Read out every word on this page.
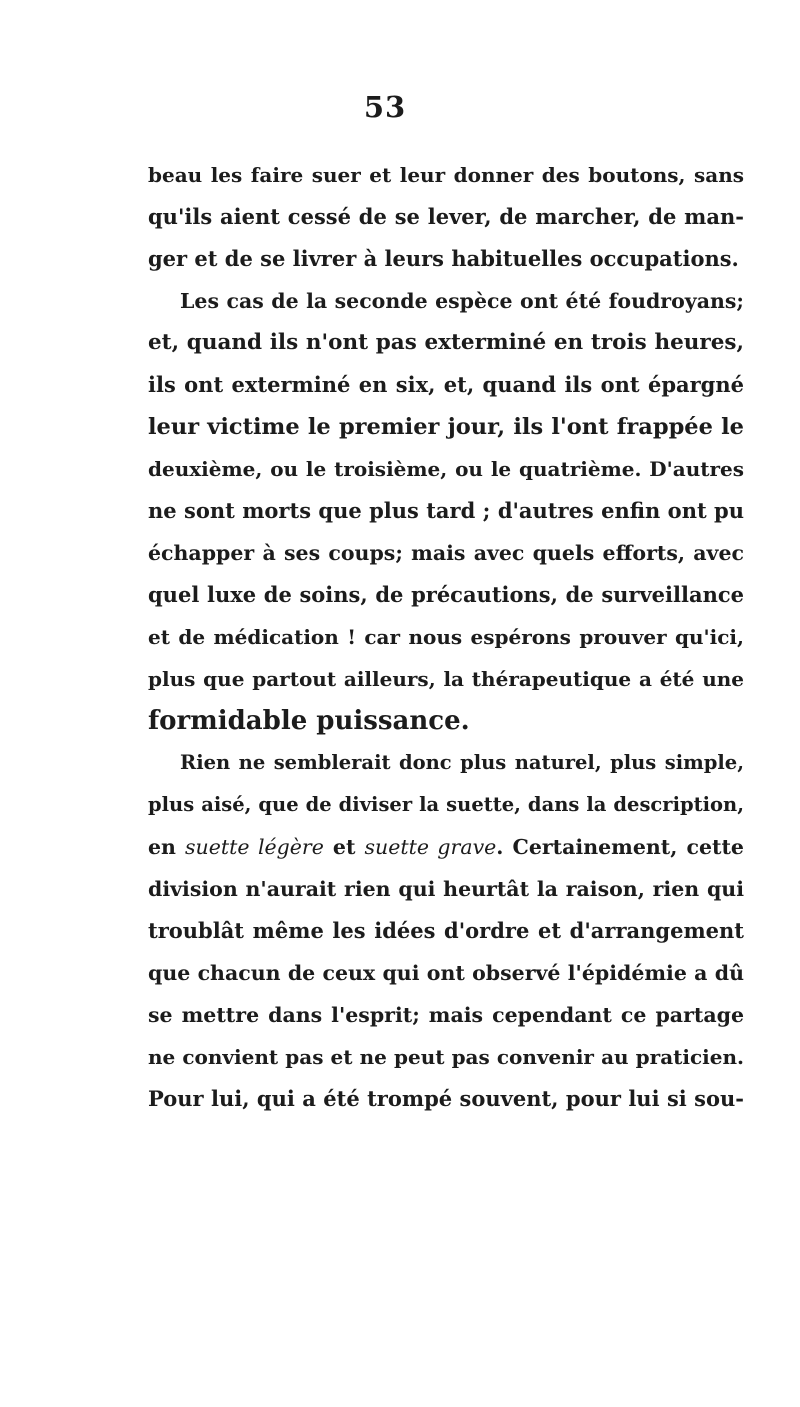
53
beau les faire suer et leur donner des boutons, sans
qu'ils aient cessé de se lever, de marcher, de man-
ger et de se livrer à leurs habituelles occupations.
Les cas de la seconde espèce ont été foudroyans;
et, quand ils n'ont pas exterminé en trois heures,
ils ont exterminé en six, et, quand ils ont épargné
leur victime le premier jour, ils l'ont frappée le
deuxième, ou le troisième, ou le quatrième. D'autres
ne sont morts que plus tard ; d'autres enfin ont pu
échapper à ses coups; mais avec quels efforts, avec
quel luxe de soins, de précautions, de surveillance
et de médication ! car nous espérons prouver qu'ici,
plus que partout ailleurs, la thérapeutique a été une
formidable puissance.
Rien ne semblerait donc plus naturel, plus simple,
plus aisé, que de diviser la suette, dans la description,
en suette légère et suette grave. Certainement, cette
division n'aurait rien qui heurtât la raison, rien qui
troublât même les idées d'ordre et d'arrangement
que chacun de ceux qui ont observé l'épidémie a dû
se mettre dans l'esprit; mais cependant ce partage
ne convient pas et ne peut pas convenir au praticien.
Pour lui, qui a été trompé souvent, pour lui si sou-
